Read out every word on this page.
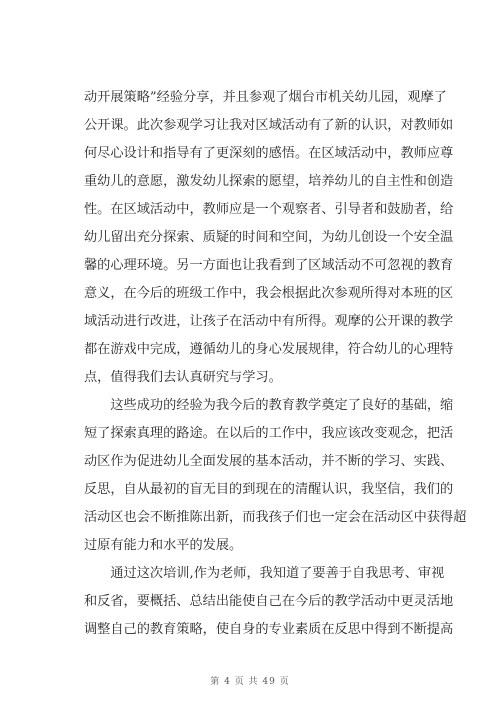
动开展策略”经验分享，并且参观了烟台市机关幼儿园，观摩了
公开课。此次参观学习让我对区域活动有了新的认识，对教师如
何尽心设计和指导有了更深刻的感悟。在区域活动中，教师应尊
重幼儿的意愿，激发幼儿探索的愿望，培养幼儿的自主性和创造
性。在区域活动中，教师应是一个观察者、引导者和鼓励者，给
幼儿留出充分探索、质疑的时间和空间，为幼儿创设一个安全温
馨的心理环境。另一方面也让我看到了区域活动不可忽视的教育
意义，在今后的班级工作中，我会根据此次参观所得对本班的区
域活动进行改进，让孩子在活动中有所得。观摩的公开课的教学
都在游戏中完成，遵循幼儿的身心发展规律，符合幼儿的心理特
点，值得我们去认真研究与学习。
　　这些成功的经验为我今后的教育教学奠定了良好的基础，缩
短了探索真理的路途。在以后的工作中，我应该改变观念，把活
动区作为促进幼儿全面发展的基本活动，并不断的学习、实践、
反思，自从最初的盲无目的到现在的清醒认识，我坚信，我们的
活动区也会不断推陈出新，而我孩子们也一定会在活动区中获得超
过原有能力和水平的发展。
　　通过这次培训,作为老师，我知道了要善于自我思考、审视
和反省，要概括、总结出能使自己在今后的教学活动中更灵活地
调整自己的教育策略，使自身的专业素质在反思中得到不断提高
第 4 页 共 49 页
